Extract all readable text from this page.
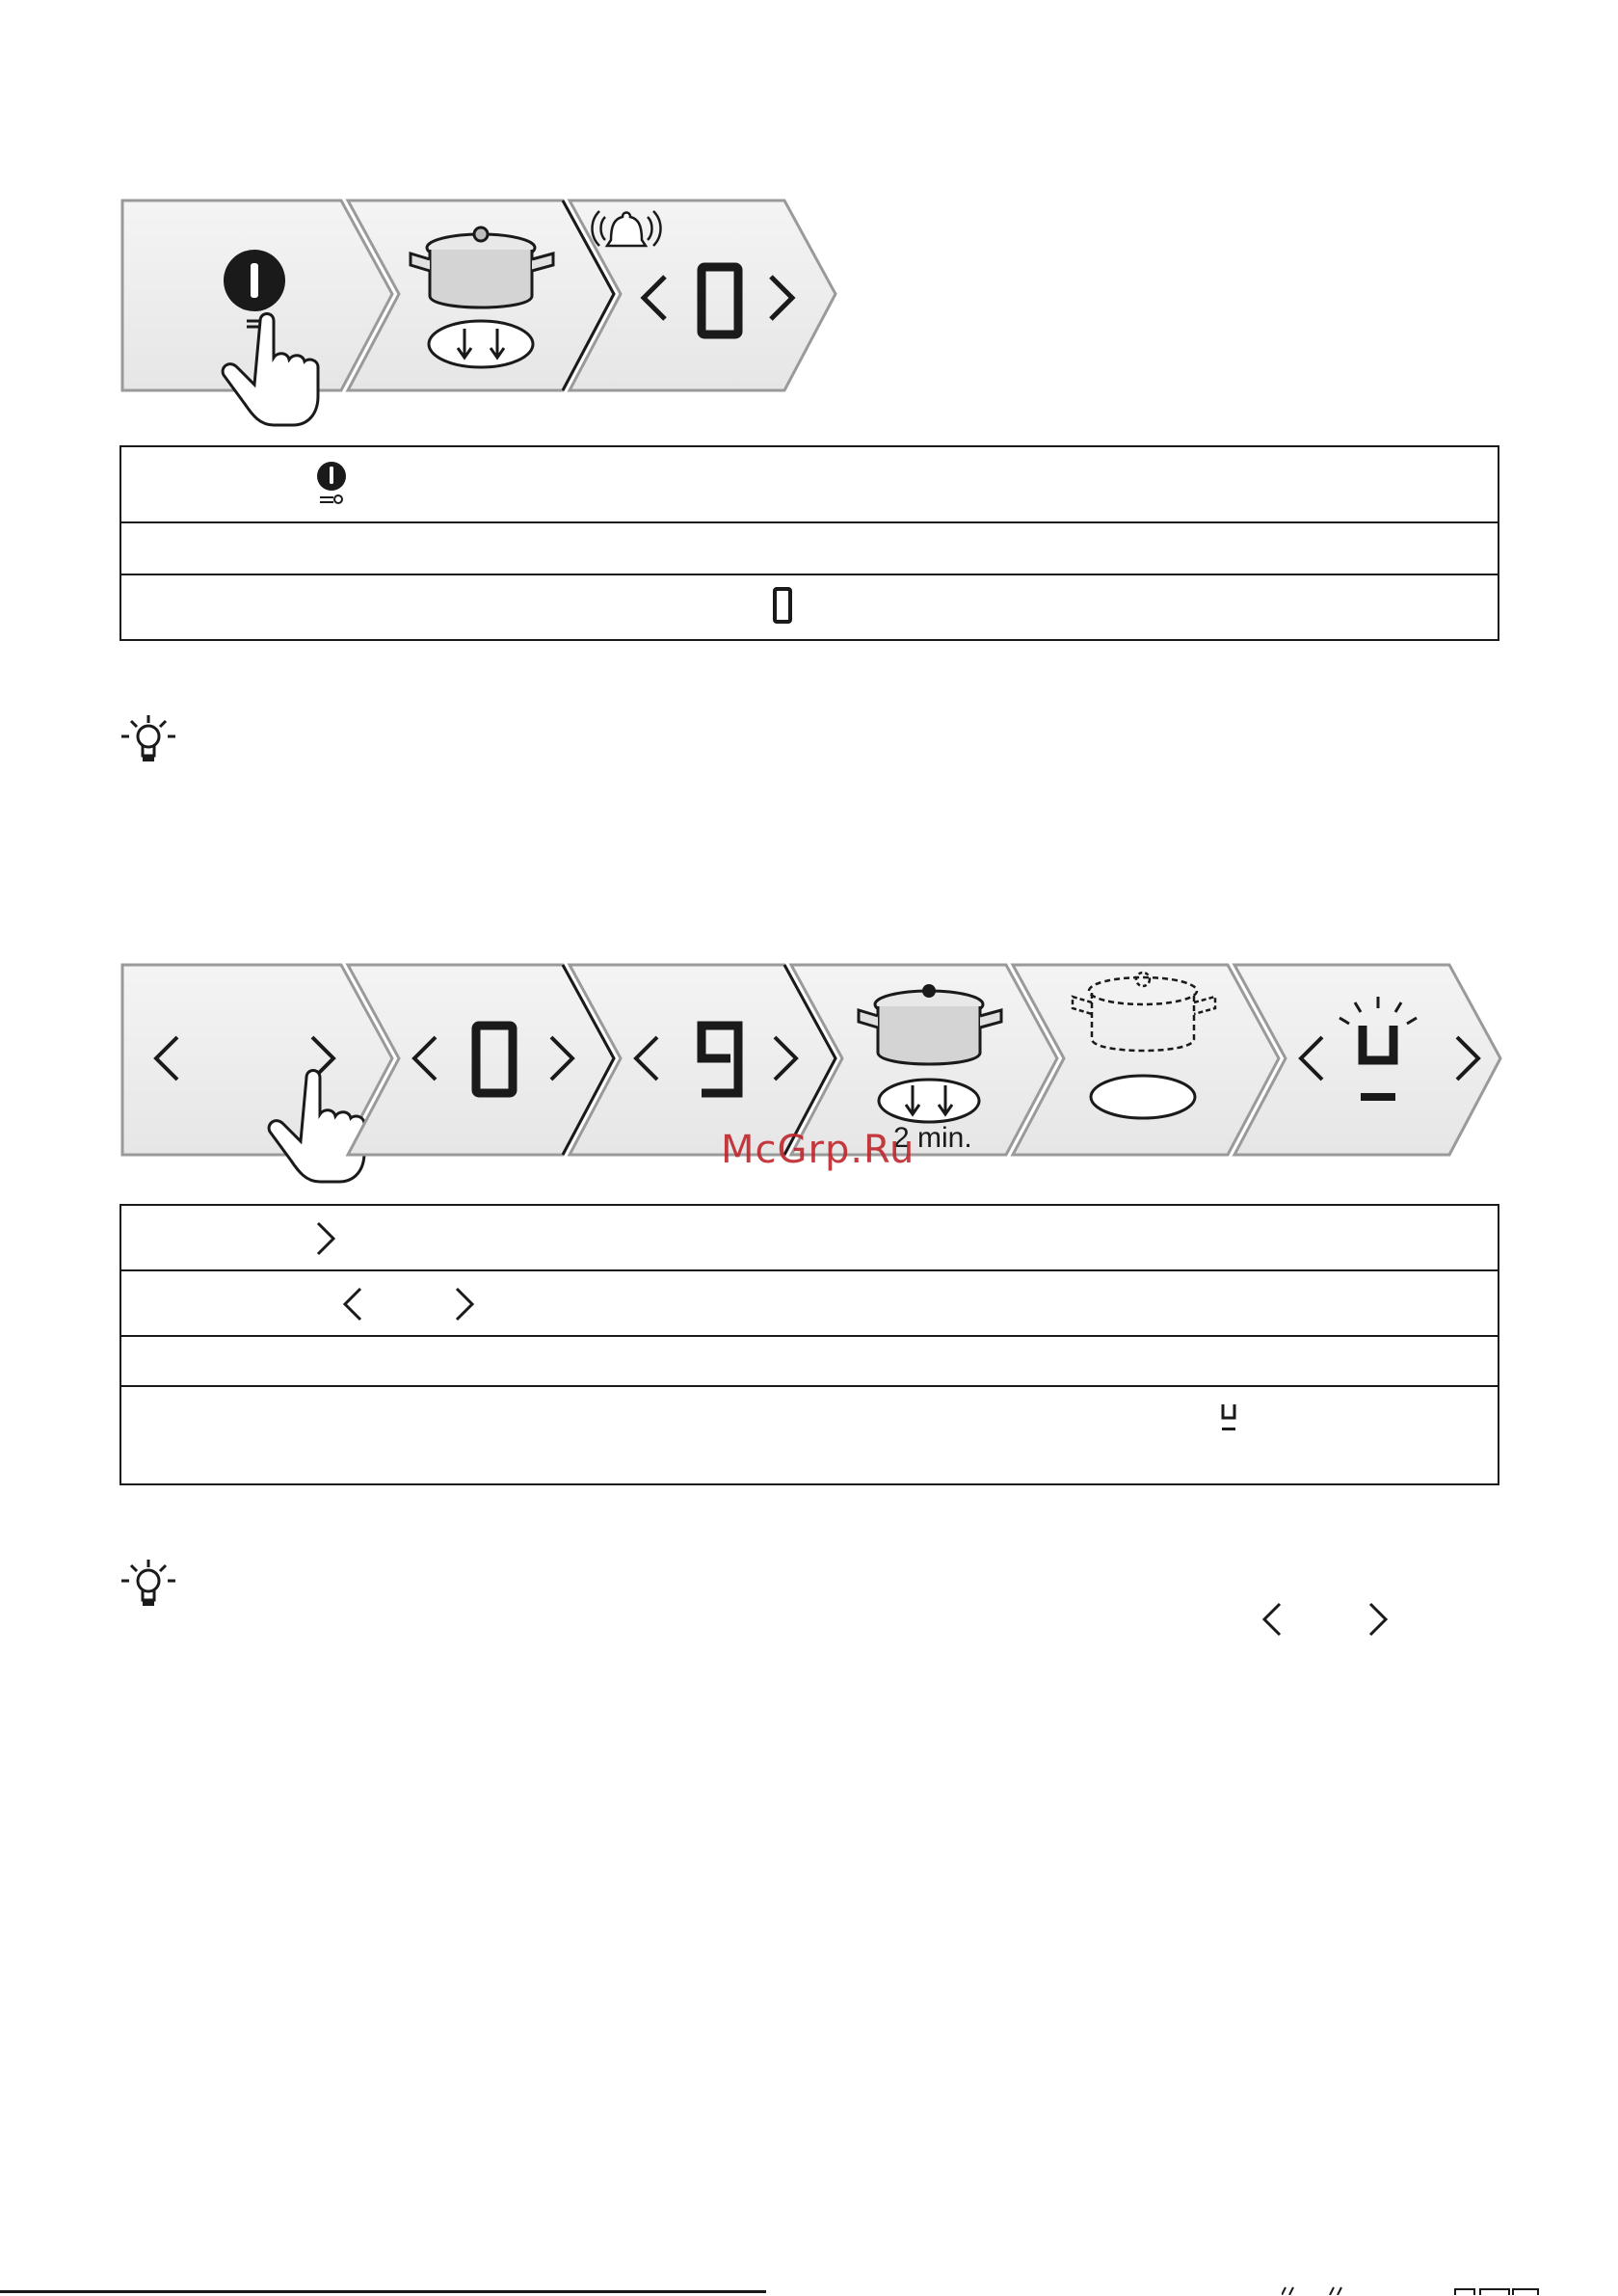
2 min.
McGrp.Ru
